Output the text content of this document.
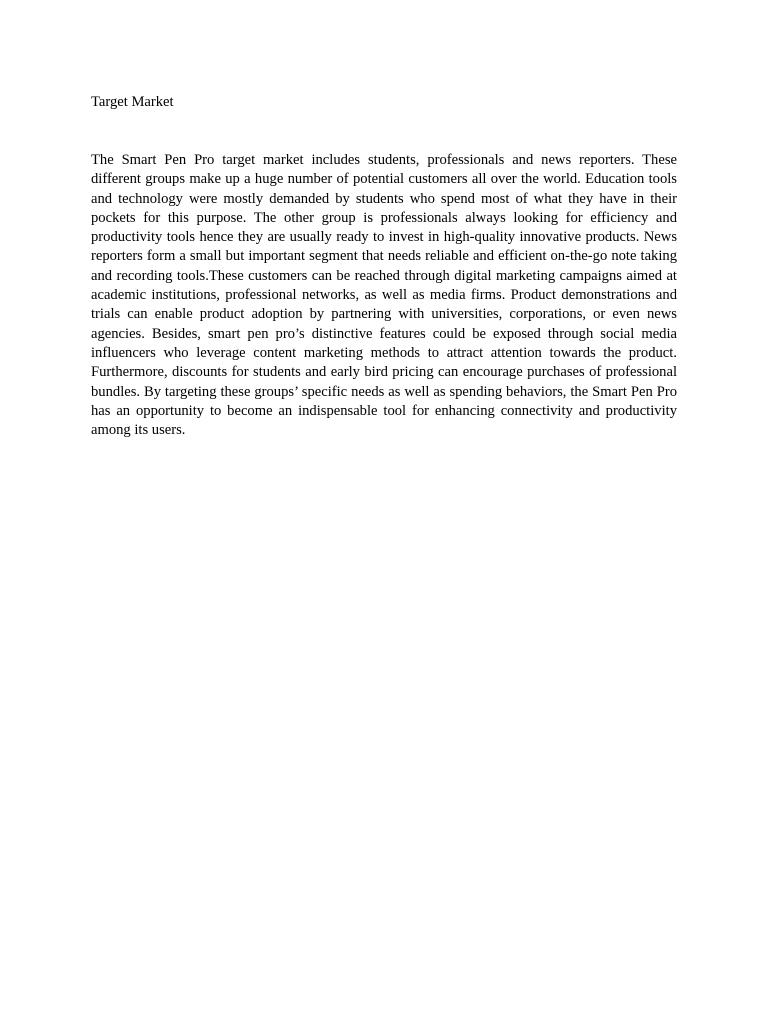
Target Market

The Smart Pen Pro target market includes students, professionals and news reporters. These different groups make up a huge number of potential customers all over the world. Education tools and technology were mostly demanded by students who spend most of what they have in their pockets for this purpose. The other group is professionals always looking for efficiency and productivity tools hence they are usually ready to invest in high-quality innovative products. News reporters form a small but important segment that needs reliable and efficient on-the-go note taking and recording tools.These customers can be reached through digital marketing campaigns aimed at academic institutions, professional networks, as well as media firms. Product demonstrations and trials can enable product adoption by partnering with universities, corporations, or even news agencies. Besides, smart pen pro’s distinctive features could be exposed through social media influencers who leverage content marketing methods to attract attention towards the product. Furthermore, discounts for students and early bird pricing can encourage purchases of professional bundles. By targeting these groups’ specific needs as well as spending behaviors, the Smart Pen Pro has an opportunity to become an indispensable tool for enhancing connectivity and productivity among its users.
